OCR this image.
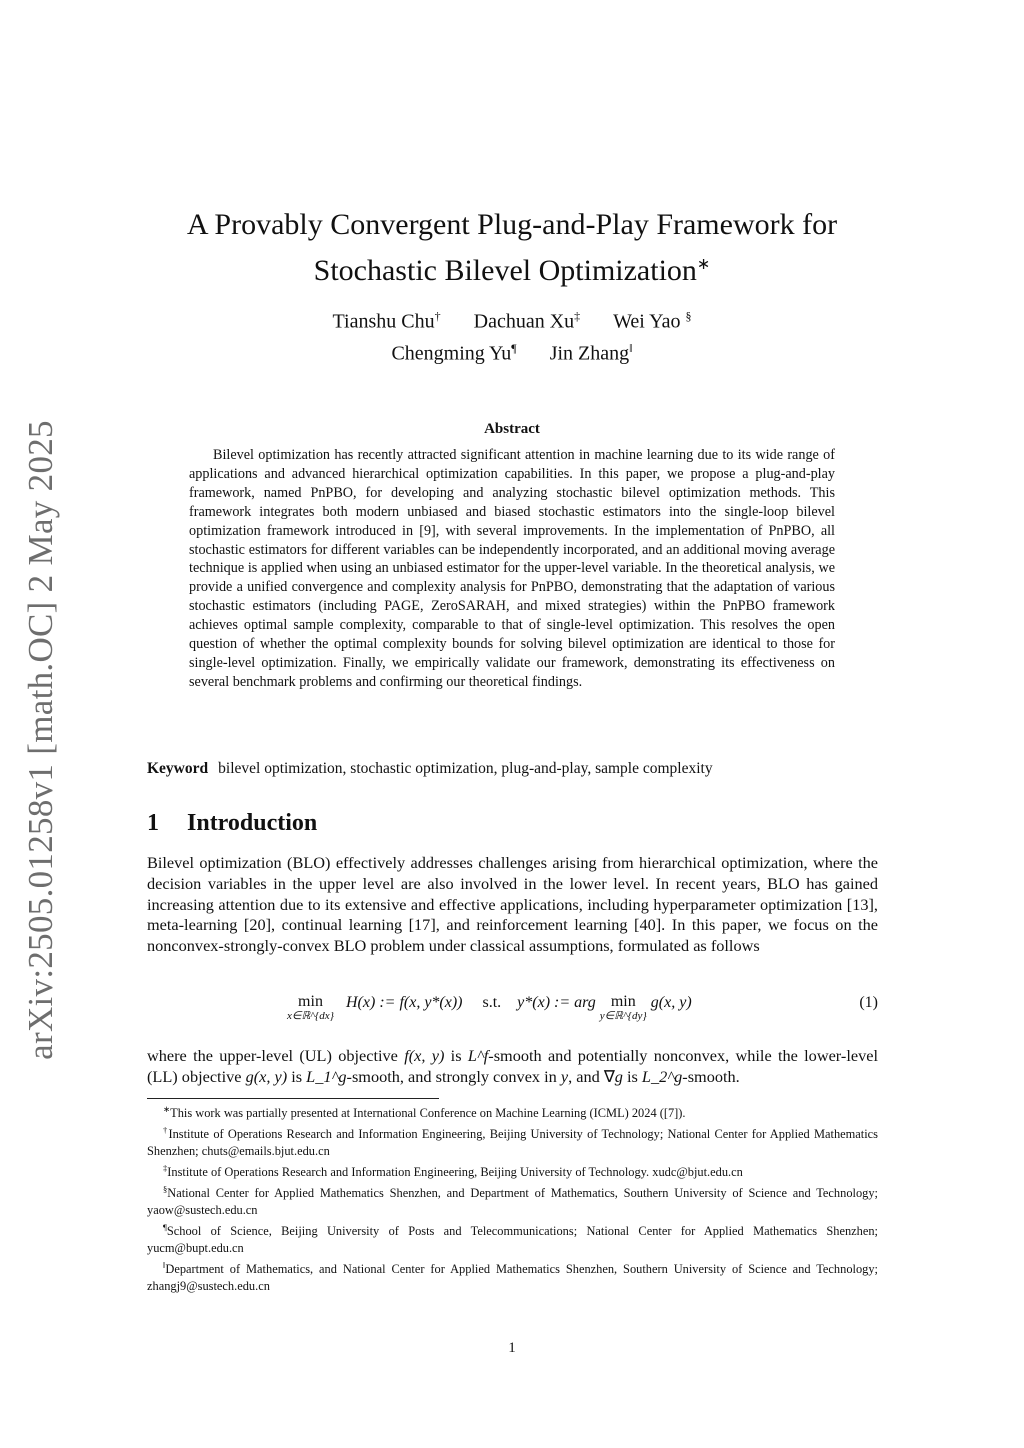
arXiv:2505.01258v1 [math.OC] 2 May 2025
A Provably Convergent Plug-and-Play Framework for
Stochastic Bilevel Optimization∗
Tianshu Chu† Dachuan Xu‡ Wei Yao §
Chengming Yu¶ Jin Zhang‖
Abstract
Bilevel optimization has recently attracted significant attention in machine learning due to its wide range of applications and advanced hierarchical optimization capabilities. In this paper, we propose a plug-and-play framework, named PnPBO, for developing and analyzing stochastic bilevel optimization methods. This framework integrates both modern unbiased and biased stochastic estimators into the single-loop bilevel optimization framework introduced in [9], with several improvements. In the implementation of PnPBO, all stochastic estimators for different variables can be independently incorporated, and an additional moving average technique is applied when using an unbiased estimator for the upper-level variable. In the theoretical analysis, we provide a unified convergence and complexity analysis for PnPBO, demonstrating that the adaptation of various stochastic estimators (including PAGE, ZeroSARAH, and mixed strategies) within the PnPBO framework achieves optimal sample complexity, comparable to that of single-level optimization. This resolves the open question of whether the optimal complexity bounds for solving bilevel optimization are identical to those for single-level optimization. Finally, we empirically validate our framework, demonstrating its effectiveness on several benchmark problems and confirming our theoretical findings.
Keyword bilevel optimization, stochastic optimization, plug-and-play, sample complexity
1 Introduction
Bilevel optimization (BLO) effectively addresses challenges arising from hierarchical optimization, where the decision variables in the upper level are also involved in the lower level. In recent years, BLO has gained increasing attention due to its extensive and effective applications, including hyperparameter optimization [13], meta-learning [20], continual learning [17], and reinforcement learning [40]. In this paper, we focus on the nonconvex-strongly-convex BLO problem under classical assumptions, formulated as follows
min
x∈ℝ^{dx}
H(x) := f(x, y*(x)) s.t. y*(x) := arg min
y∈ℝ^{dy}
g(x, y)	(1)
where the upper-level (UL) objective f(x, y) is L^f-smooth and potentially nonconvex, while the lower-level (LL) objective g(x, y) is L_1^g-smooth, and strongly convex in y, and ∇g is L_2^g-smooth.
∗This work was partially presented at International Conference on Machine Learning (ICML) 2024 ([7]).
†Institute of Operations Research and Information Engineering, Beijing University of Technology; National Center for Applied Mathematics Shenzhen; chuts@emails.bjut.edu.cn
‡Institute of Operations Research and Information Engineering, Beijing University of Technology. xudc@bjut.edu.cn
§National Center for Applied Mathematics Shenzhen, and Department of Mathematics, Southern University of Science and Technology; yaow@sustech.edu.cn
¶School of Science, Beijing University of Posts and Telecommunications; National Center for Applied Mathematics Shenzhen; yucm@bupt.edu.cn
‖Department of Mathematics, and National Center for Applied Mathematics Shenzhen, Southern University of Science and Technology; zhangj9@sustech.edu.cn
1
